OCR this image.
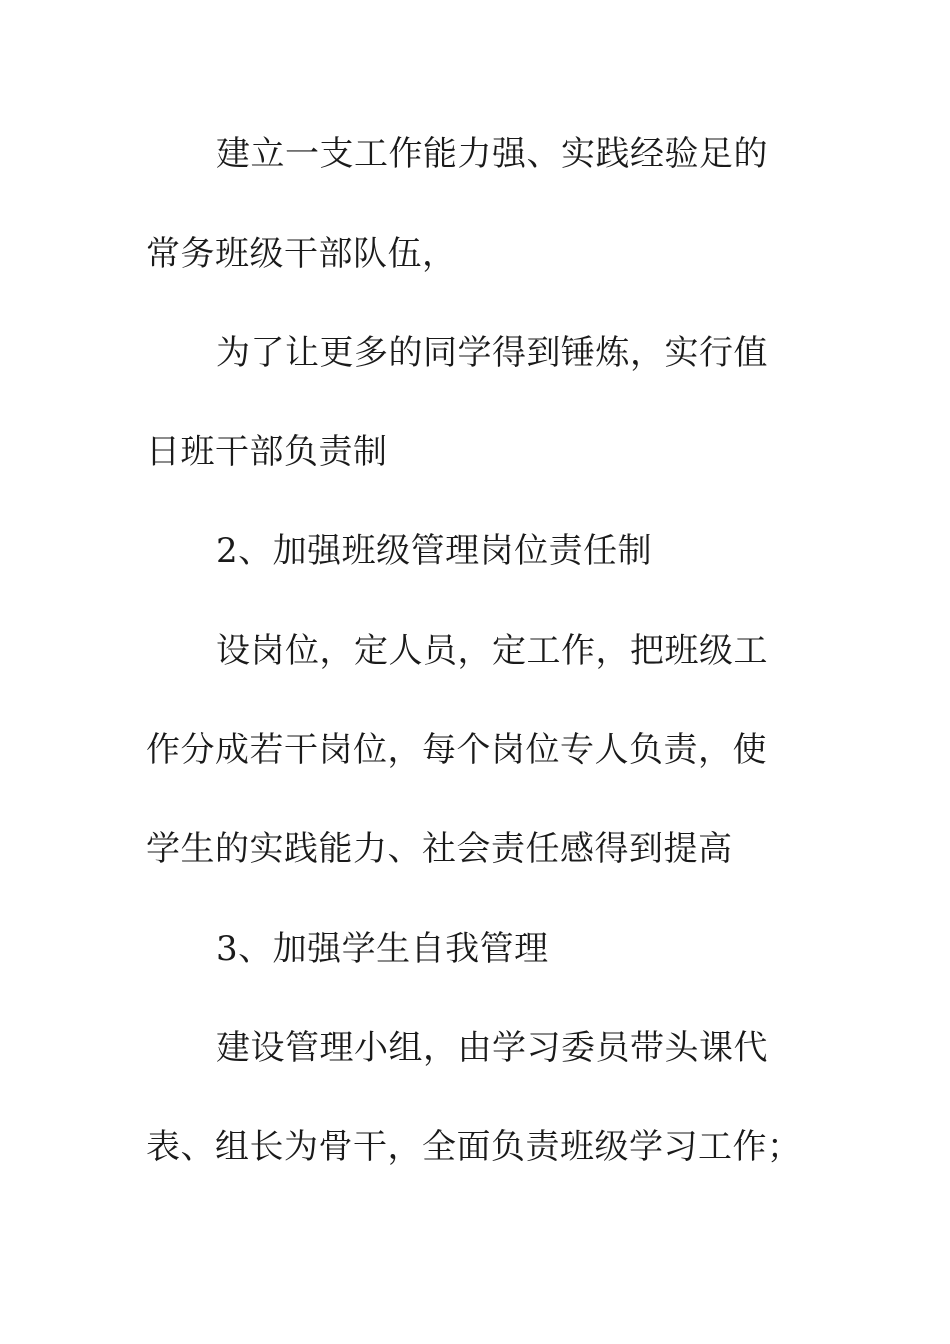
建立一支工作能力强、实践经验足的
常务班级干部队伍，
为了让更多的同学得到锤炼，实行值
日班干部负责制
2、加强班级管理岗位责任制
设岗位，定人员，定工作，把班级工
作分成若干岗位，每个岗位专人负责，使
学生的实践能力、社会责任感得到提高
3、加强学生自我管理
建设管理小组，由学习委员带头课代
表、组长为骨干，全面负责班级学习工作；
